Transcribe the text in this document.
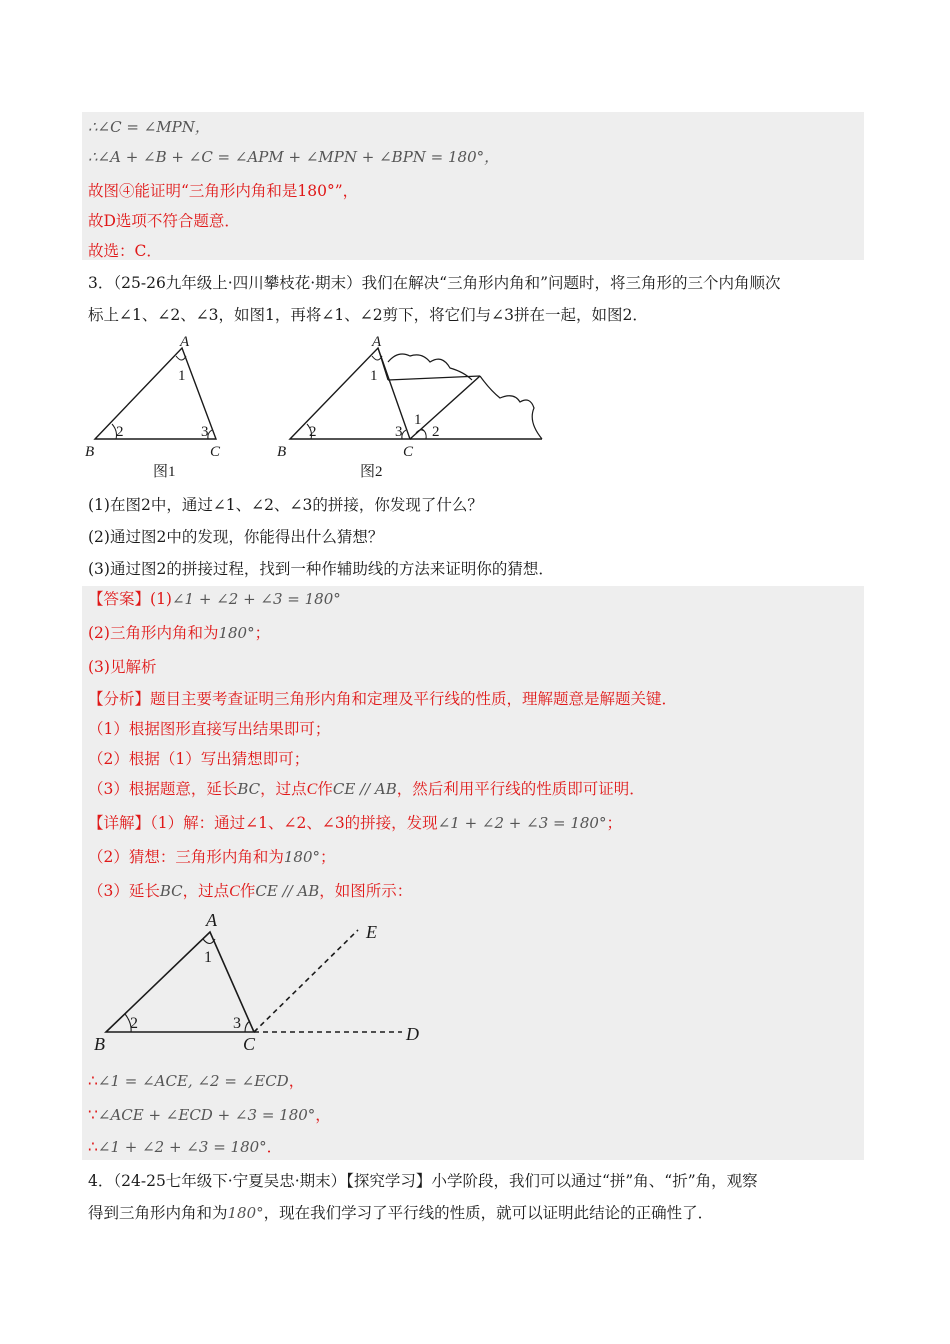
∴∠C = ∠MPN，
∴∠A + ∠B + ∠C = ∠APM + ∠MPN + ∠BPN = 180°，
故图④能证明“三角形内角和是180°”，
故D选项不符合题意．
故选：C．
3．（25-26九年级上·四川攀枝花·期末）我们在解决“三角形内角和”问题时，将三角形的三个内角顺次
标上∠1、∠2、∠3，如图1，再将∠1、∠2剪下，将它们与∠3拼在一起，如图2．
A
1
2	3
B	C
图1
A
1
2	3
1
2
B	C
图2
(1)在图2中，通过∠1、∠2、∠3的拼接，你发现了什么？
(2)通过图2中的发现，你能得出什么猜想？
(3)通过图2的拼接过程，找到一种作辅助线的方法来证明你的猜想．
【答案】(1)∠1 + ∠2 + ∠3 = 180°
(2)三角形内角和为180°；
(3)见解析
【分析】题目主要考查证明三角形内角和定理及平行线的性质，理解题意是解题关键．
（1）根据图形直接写出结果即可；
（2）根据（1）写出猜想即可；
（3）根据题意，延长BC，过点C作CE // AB，然后利用平行线的性质即可证明．
【详解】（1）解：通过∠1、∠2、∠3的拼接，发现∠1 + ∠2 + ∠3 = 180°；
（2）猜想：三角形内角和为180°；
（3）延长BC，过点C作CE // AB，如图所示：
A
1
2	3
B	C
E
D
∴∠1 = ∠ACE, ∠2 = ∠ECD，
∵∠ACE + ∠ECD + ∠3 = 180°，
∴∠1 + ∠2 + ∠3 = 180°．
4．（24-25七年级下·宁夏吴忠·期末）【探究学习】小学阶段，我们可以通过“拼”角、“折”角，观察
得到三角形内角和为180°，现在我们学习了平行线的性质，就可以证明此结论的正确性了．
